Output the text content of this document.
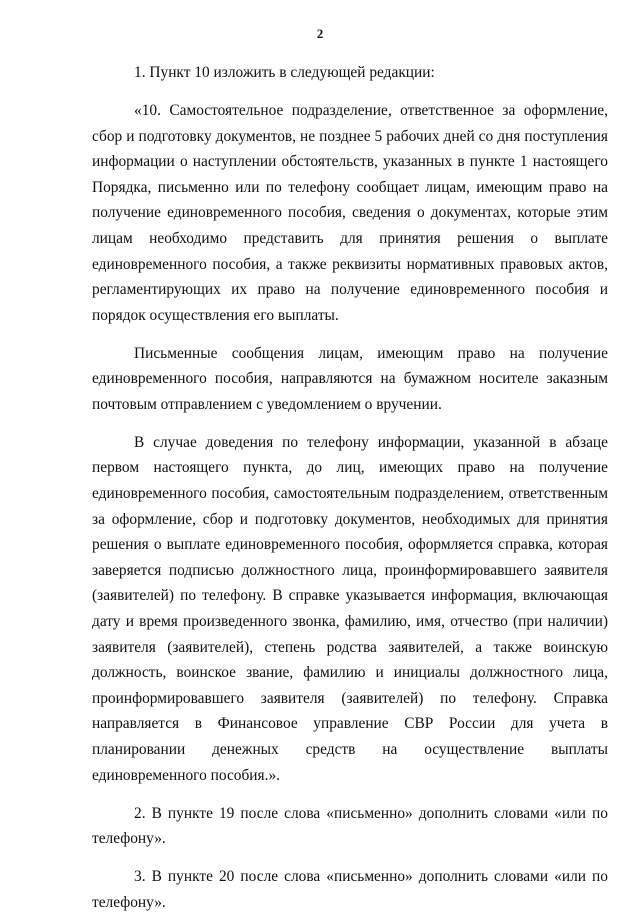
2

1. Пункт 10 изложить в следующей редакции:

«10. Самостоятельное подразделение, ответственное за оформление, сбор и подготовку документов, не позднее 5 рабочих дней со дня поступления информации о наступлении обстоятельств, указанных в пункте 1 настоящего Порядка, письменно или по телефону сообщает лицам, имеющим право на получение единовременного пособия, сведения о документах, которые этим лицам необходимо представить для принятия решения о выплате единовременного пособия, а также реквизиты нормативных правовых актов, регламентирующих их право на получение единовременного пособия и порядок осуществления его выплаты.

Письменные сообщения лицам, имеющим право на получение единовременного пособия, направляются на бумажном носителе заказным почтовым отправлением с уведомлением о вручении.

В случае доведения по телефону информации, указанной в абзаце первом настоящего пункта, до лиц, имеющих право на получение единовременного пособия, самостоятельным подразделением, ответственным за оформление, сбор и подготовку документов, необходимых для принятия решения о выплате единовременного пособия, оформляется справка, которая заверяется подписью должностного лица, проинформировавшего заявителя (заявителей) по телефону. В справке указывается информация, включающая дату и время произведенного звонка, фамилию, имя, отчество (при наличии) заявителя (заявителей), степень родства заявителей, а также воинскую должность, воинское звание, фамилию и инициалы должностного лица, проинформировавшего заявителя (заявителей) по телефону. Справка направляется в Финансовое управление СВР России для учета в планировании денежных средств на осуществление выплаты единовременного пособия.».

2. В пункте 19 после слова «письменно» дополнить словами «или по телефону».

3. В пункте 20 после слова «письменно» дополнить словами «или по телефону».
